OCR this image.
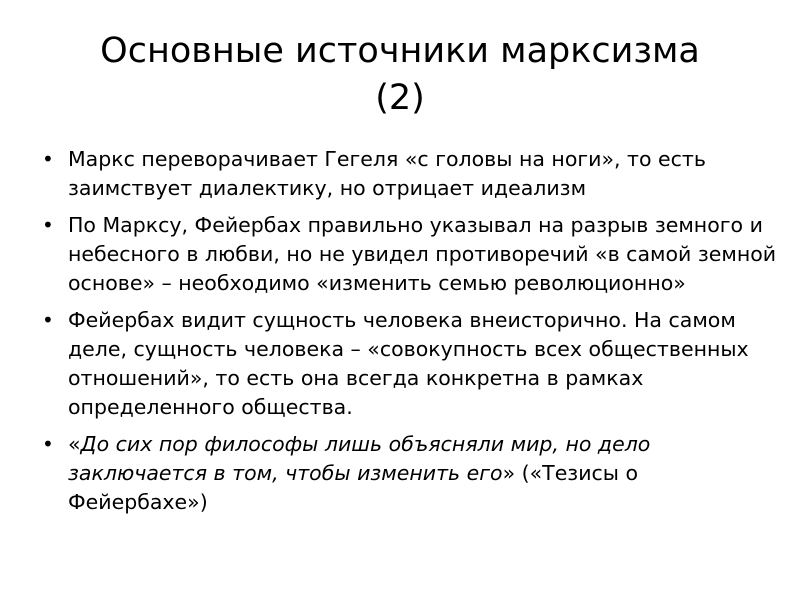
Основные источники марксизма
(2)
• Маркс переворачивает Гегеля «с головы на ноги», то есть заимствует диалектику, но отрицает идеализм
• По Марксу, Фейербах правильно указывал на разрыв земного и небесного в любви, но не увидел противоречий «в самой земной основе» – необходимо «изменить семью революционно»
• Фейербах видит сущность человека внеисторично. На самом деле, сущность человека – «совокупность всех общественных отношений», то есть она всегда конкретна в рамках определенного общества.
• «До сих пор философы лишь объясняли мир, но дело заключается в том, чтобы изменить его» («Тезисы о Фейербахе»)
